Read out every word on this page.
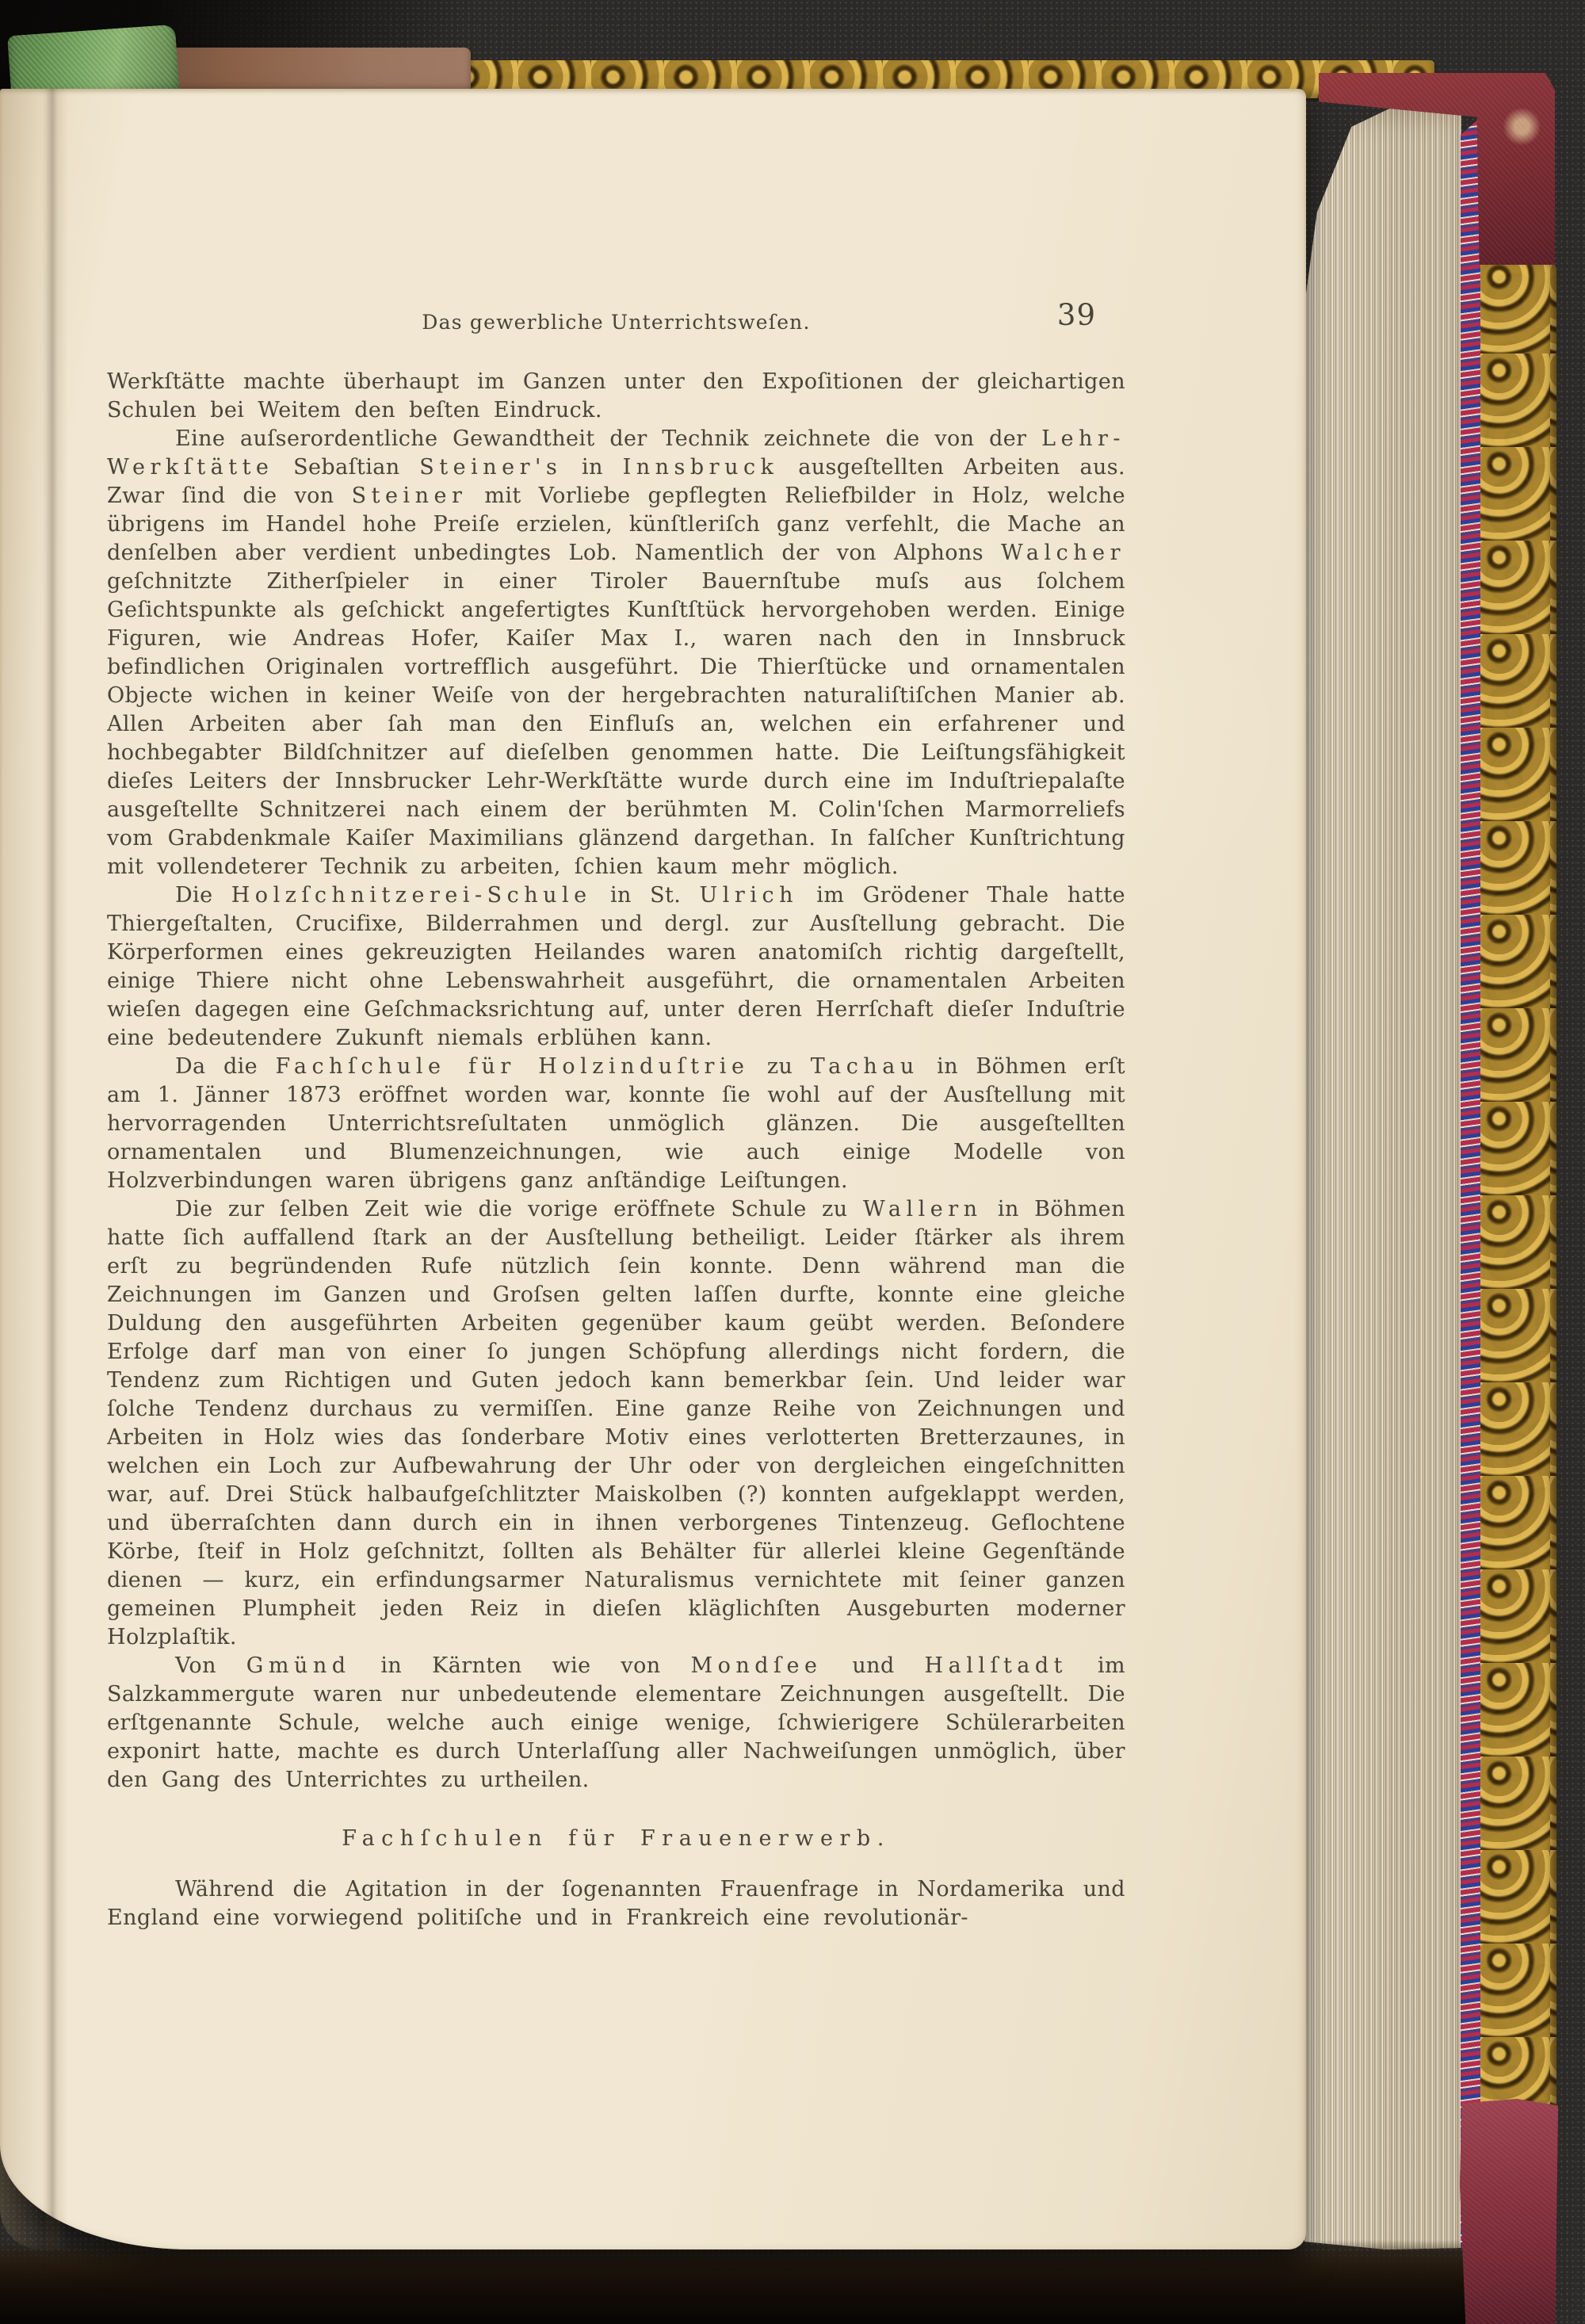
Das gewerbliche Unterrichtsweſen.	39

Werkſtätte machte überhaupt im Ganzen unter den Expoſitionen der gleichartigen Schulen bei Weitem den beſten Eindruck.

Eine auſserordentliche Gewandtheit der Technik zeichnete die von der Lehr-Werkſtätte Sebaſtian Steiner's in Innsbruck ausgeſtellten Arbeiten aus. Zwar ſind die von Steiner mit Vorliebe gepflegten Reliefbilder in Holz, welche übrigens im Handel hohe Preiſe erzielen, künſtleriſch ganz verfehlt, die Mache an denſelben aber verdient unbedingtes Lob. Namentlich der von Alphons Walcher geſchnitzte Zitherſpieler in einer Tiroler Bauernſtube muſs aus ſolchem Geſichtspunkte als geſchickt angefertigtes Kunſtſtück hervorgehoben werden. Einige Figuren, wie Andreas Hofer, Kaiſer Max I., waren nach den in Innsbruck befindlichen Originalen vortrefflich ausgeführt. Die Thierſtücke und ornamentalen Objecte wichen in keiner Weiſe von der hergebrachten naturaliſtiſchen Manier ab. Allen Arbeiten aber ſah man den Einfluſs an, welchen ein erfahrener und hochbegabter Bildſchnitzer auf dieſelben genommen hatte. Die Leiſtungsfähigkeit dieſes Leiters der Innsbrucker Lehr-Werkſtätte wurde durch eine im Induſtriepalaſte ausgeſtellte Schnitzerei nach einem der berühmten M. Colin'ſchen Marmorreliefs vom Grabdenkmale Kaiſer Maximilians glänzend dargethan. In falſcher Kunſtrichtung mit vollendeterer Technik zu arbeiten, ſchien kaum mehr möglich.

Die Holzſchnitzerei-Schule in St. Ulrich im Grödener Thale hatte Thiergeſtalten, Crucifixe, Bilderrahmen und dergl. zur Ausſtellung gebracht. Die Körperformen eines gekreuzigten Heilandes waren anatomiſch richtig dargeſtellt, einige Thiere nicht ohne Lebenswahrheit ausgeführt, die ornamentalen Arbeiten wieſen dagegen eine Geſchmacksrichtung auf, unter deren Herrſchaft dieſer Induſtrie eine bedeutendere Zukunft niemals erblühen kann.

Da die Fachſchule für Holzinduſtrie zu Tachau in Böhmen erſt am 1. Jänner 1873 eröffnet worden war, konnte ſie wohl auf der Ausſtellung mit hervorragenden Unterrichtsreſultaten unmöglich glänzen. Die ausgeſtellten ornamentalen und Blumenzeichnungen, wie auch einige Modelle von Holzverbindungen waren übrigens ganz anſtändige Leiſtungen.

Die zur ſelben Zeit wie die vorige eröffnete Schule zu Wallern in Böhmen hatte ſich auffallend ſtark an der Ausſtellung betheiligt. Leider ſtärker als ihrem erſt zu begründenden Rufe nützlich ſein konnte. Denn während man die Zeichnungen im Ganzen und Groſsen gelten laſſen durfte, konnte eine gleiche Duldung den ausgeführten Arbeiten gegenüber kaum geübt werden. Beſondere Erfolge darf man von einer ſo jungen Schöpfung allerdings nicht fordern, die Tendenz zum Richtigen und Guten jedoch kann bemerkbar ſein. Und leider war ſolche Tendenz durchaus zu vermiſſen. Eine ganze Reihe von Zeichnungen und Arbeiten in Holz wies das ſonderbare Motiv eines verlotterten Bretterzaunes, in welchen ein Loch zur Aufbewahrung der Uhr oder von dergleichen eingeſchnitten war, auf. Drei Stück halbaufgeſchlitzter Maiskolben (?) konnten aufgeklappt werden, und überraſchten dann durch ein in ihnen verborgenes Tintenzeug. Geflochtene Körbe, ſteif in Holz geſchnitzt, ſollten als Behälter für allerlei kleine Gegenſtände dienen — kurz, ein erfindungsarmer Naturalismus vernichtete mit ſeiner ganzen gemeinen Plumpheit jeden Reiz in dieſen kläglichſten Ausgeburten moderner Holzplaſtik.

Von Gmünd in Kärnten wie von Mondſee und Hallſtadt im Salzkammergute waren nur unbedeutende elementare Zeichnungen ausgeſtellt. Die erſtgenannte Schule, welche auch einige wenige, ſchwierigere Schülerarbeiten exponirt hatte, machte es durch Unterlaſſung aller Nachweiſungen unmöglich, über den Gang des Unterrichtes zu urtheilen.

Fachſchulen für Frauenerwerb.

Während die Agitation in der ſogenannten Frauenfrage in Nordamerika und England eine vorwiegend politiſche und in Frankreich eine revolutionär-
